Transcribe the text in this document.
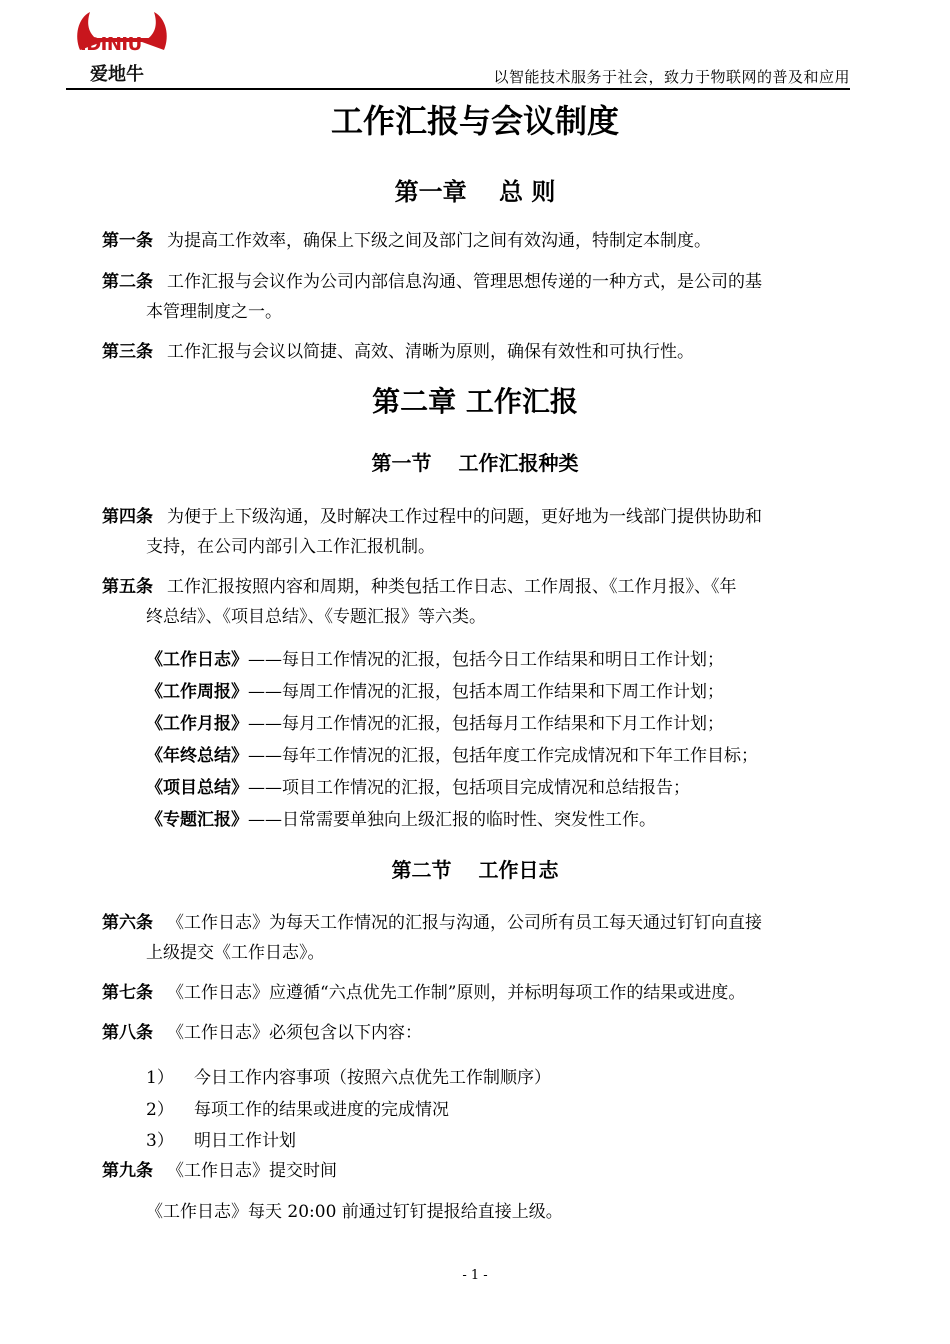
IDINIU
爱地牛	以智能技术服务于社会，致力于物联网的普及和应用
工作汇报与会议制度
第一章　 总 则
第一条 为提高工作效率，确保上下级之间及部门之间有效沟通，特制定本制度。
第二条 工作汇报与会议作为公司内部信息沟通、管理思想传递的一种方式，是公司的基
本管理制度之一。
第三条 工作汇报与会议以简捷、高效、清晰为原则，确保有效性和可执行性。
第二章 工作汇报
第一节　 工作汇报种类
第四条 为便于上下级沟通，及时解决工作过程中的问题，更好地为一线部门提供协助和
支持，在公司内部引入工作汇报机制。
第五条 工作汇报按照内容和周期，种类包括工作日志、工作周报、《工作月报》、《年
终总结》、《项目总结》、《专题汇报》等六类。
《工作日志》——每日工作情况的汇报，包括今日工作结果和明日工作计划；
《工作周报》——每周工作情况的汇报，包括本周工作结果和下周工作计划；
《工作月报》——每月工作情况的汇报，包括每月工作结果和下月工作计划；
《年终总结》——每年工作情况的汇报，包括年度工作完成情况和下年工作目标；
《项目总结》——项目工作情况的汇报，包括项目完成情况和总结报告；
《专题汇报》——日常需要单独向上级汇报的临时性、突发性工作。
第二节　 工作日志
第六条 《工作日志》为每天工作情况的汇报与沟通，公司所有员工每天通过钉钉向直接
上级提交《工作日志》。
第七条 《工作日志》应遵循“六点优先工作制”原则，并标明每项工作的结果或进度。
第八条 《工作日志》必须包含以下内容：
1） 今日工作内容事项（按照六点优先工作制顺序）
2） 每项工作的结果或进度的完成情况
3） 明日工作计划
第九条 《工作日志》提交时间
《工作日志》每天 20:00 前通过钉钉提报给直接上级。
- 1 -
